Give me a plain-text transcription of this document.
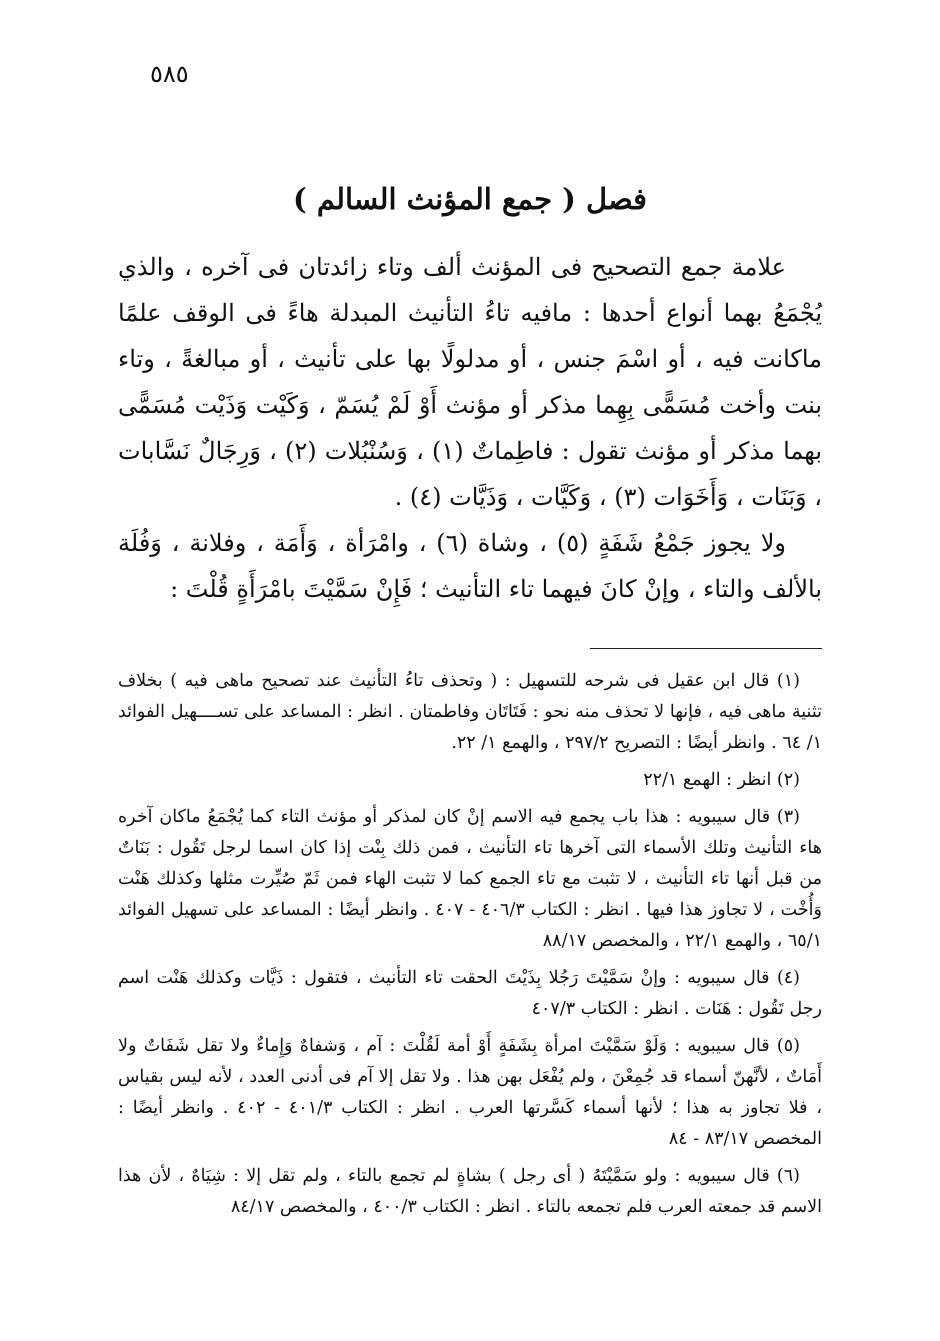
٥٨٥
فصل ( جمع المؤنث السالم )

علامة جمع التصحيح فى المؤنث ألف وتاء زائدتان فى آخره ، والذي يُجْمَعُ بهما أنواع أحدها : مافيه تاءُ التأنيث المبدلة هاءً فى الوقف علمًا ماكانت فيه ، أو اسْمَ جنس ، أو مدلولًا بها على تأنيث ، أو مبالغةً ، وتاء بنت وأخت مُسَمًّى بِهِما مذكر أو مؤنث أَوْ لَمْ يُسَمّ ، وَكَيْت وَذَيْت مُسَمًّى بهما مذكر أو مؤنث تقول : فاطِماتٌ (١) ، وَسُنْبُلات (٢) ، وَرِجَالٌ نَسَّابات ، وَبَنَات ، وَأَخَوَات (٣) ، وَكَيَّات ، وَذَيَّات (٤) .

ولا يجوز جَمْعُ شَفَةٍ (٥) ، وشاة (٦) ، وامْرَأة ، وَأَمَة ، وفلانة ، وَفُلَة بالألف والتاء ، وإنْ كانَ فيهما تاء التأنيث ؛ فَإِنْ سَمَّيْتَ بامْرَأَةٍ قُلْتَ :

(١) قال ابن عقيل فى شرحه للتسهيل : ( وتحذف تاءُ التأنيث عند تصحيح ماهى فيه ) بخلاف تثنية ماهى فيه ، فإنها لا تحذف منه نحو : فَتَاتَان وفاطمتان . انظر : المساعد على تســــهيل الفوائد ١/ ٦٤ . وانظر أيضًا : التصريح ٢٩٧/٢ ، والهمع ١/ ٢٢.

(٢) انظر : الهمع ٢٢/١

(٣) قال سيبويه : هذا باب يجمع فيه الاسم إنْ كان لمذكر أو مؤنث التاء كما يُجْمَعُ ماكان آخره هاء التأنيث وتلك الأسماء التى آخرها تاء التأنيث ، فمن ذلك بِنْت إذا كان اسما لرجل تَقُول : بَنَاتٌ من قبل أنها تاء التأنيث ، لا تثبت مع تاء الجمع كما لا تثبت الهاء فمن ثَمّ صُيِّرت مثلها وكذلك هَنْت وَأُخْت ، لا تجاوز هذا فيها . انظر : الكتاب ٤٠٦/٣ - ٤٠٧ . وانظر أيضًا : المساعد على تسهيل الفوائد ٦٥/١ ، والهمع ٢٢/١ ، والمخصص ٨٨/١٧

(٤) قال سيبويه : وإنْ سَمَّيْتَ رَجُلا بِذَيْتَ الحقت تاء التأنيث ، فتقول : ذَيَّات وكذلك هَنْت اسم رجل تَقُول : هَنَات . انظر : الكتاب ٤٠٧/٣

(٥) قال سيبويه : وَلَوْ سَمَّيْتَ امرأة بِشَفَةٍ أَوْ أمة لَقُلْتَ : آم ، وَشفاهٌ وَإِماءٌ ولا تقل شَفَاتٌ ولا أَمَاتٌ ، لأنَّهنّ أسماء قد جُمِعْنَ ، ولم يُفْعَل بهن هذا . ولا تقل إلا آم فى أدنى العدد ، لأنه ليس بقياس ، فلا تجاوز به هذا ؛ لأنها أسماء كَسَّرتها العرب . انظر : الكتاب ٤٠١/٣ - ٤٠٢ . وانظر أيضًا : المخصص ٨٣/١٧ - ٨٤

(٦) قال سيبويه : ولو سَمَّيْتَهُ ( أى رجل ) بشاةٍ لم تجمع بالتاء ، ولم تقل إلا : شِيَاهٌ ، لأن هذا الاسم قد جمعته العرب فلم تجمعه بالتاء . انظر : الكتاب ٤٠٠/٣ ، والمخصص ٨٤/١٧
